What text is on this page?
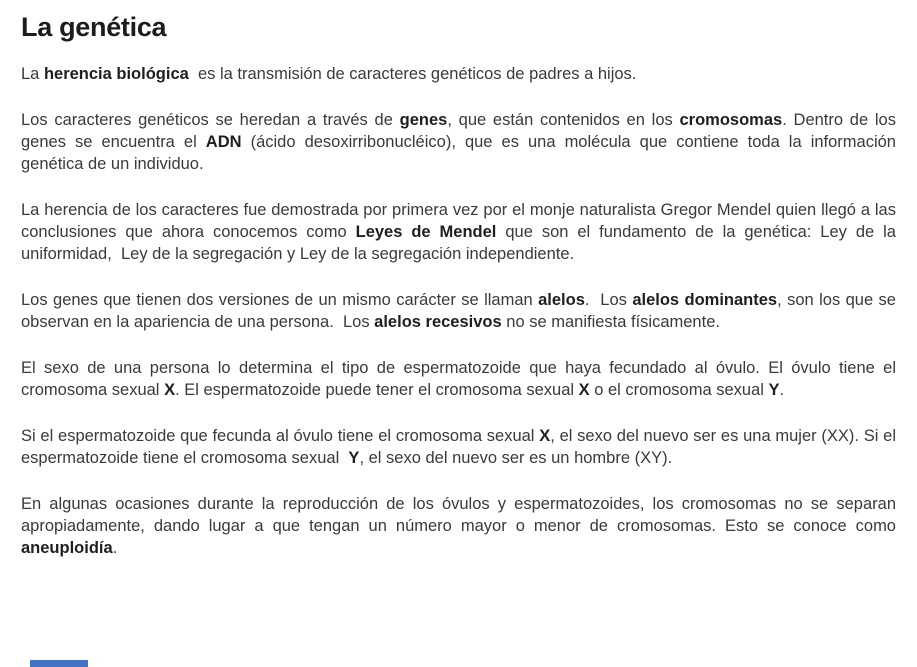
La genética

La herencia biológica  es la transmisión de caracteres genéticos de padres a hijos.

Los caracteres genéticos se heredan a través de genes, que están contenidos en los cromosomas. Dentro de los genes se encuentra el ADN (ácido desoxirribonucléico), que es una molécula que contiene toda la información genética de un individuo.

La herencia de los caracteres fue demostrada por primera vez por el monje naturalista Gregor Mendel quien llegó a las conclusiones que ahora conocemos como Leyes de Mendel que son el fundamento de la genética: Ley de la uniformidad,  Ley de la segregación y Ley de la segregación independiente.

Los genes que tienen dos versiones de un mismo carácter se llaman alelos.  Los alelos dominantes, son los que se observan en la apariencia de una persona.  Los alelos recesivos no se manifiesta físicamente.

El sexo de una persona lo determina el tipo de espermatozoide que haya fecundado al óvulo. El óvulo tiene el cromosoma sexual X. El espermatozoide puede tener el cromosoma sexual X o el cromosoma sexual Y.

Si el espermatozoide que fecunda al óvulo tiene el cromosoma sexual X, el sexo del nuevo ser es una mujer (XX). Si el espermatozoide tiene el cromosoma sexual  Y, el sexo del nuevo ser es un hombre (XY).

En algunas ocasiones durante la reproducción de los óvulos y espermatozoides, los cromosomas no se separan apropiadamente, dando lugar a que tengan un número mayor o menor de cromosomas. Esto se conoce como aneuploidía.
